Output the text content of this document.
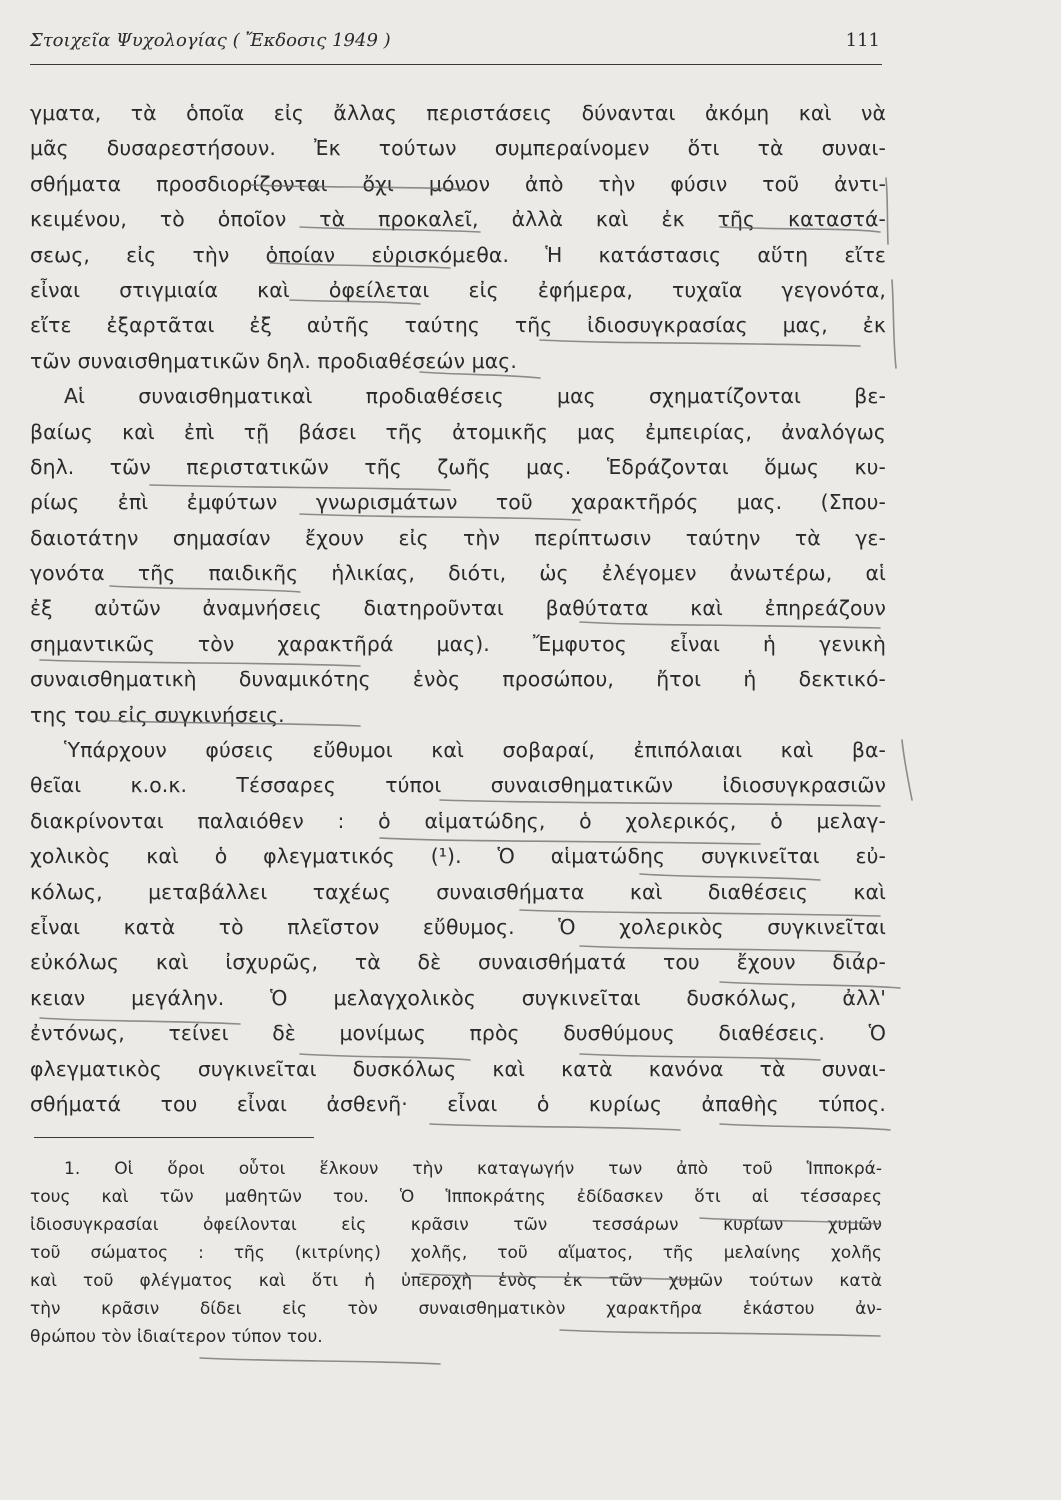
Στοιχεῖα Ψυχολογίας ( Ἔκδοσις 1949 )	111
γματα, τὰ ὁποῖα εἰς ἄλλας περιστάσεις δύνανται ἀκόμη καὶ νὰ
μᾶς δυσαρεστήσουν. Ἐκ τούτων συμπεραίνομεν ὅτι τὰ συναι-
σθήματα προσδιορίζονται ὄχι μόνον ἀπὸ τὴν φύσιν τοῦ ἀντι-
κειμένου, τὸ ὁποῖον τὰ προκαλεῖ, ἀλλὰ καὶ ἐκ τῆς καταστά-
σεως, εἰς τὴν ὁποίαν εὑρισκόμεθα. Ἡ κατάστασις αὕτη εἴτε
εἶναι στιγμιαία καὶ ὀφείλεται εἰς ἐφήμερα, τυχαῖα γεγονότα,
εἴτε ἐξαρτᾶται ἐξ αὐτῆς ταύτης τῆς ἰδιοσυγκρασίας μας, ἐκ
τῶν συναισθηματικῶν δηλ. προδιαθέσεών μας.
Αἱ συναισθηματικαὶ προδιαθέσεις μας σχηματίζονται βε-
βαίως καὶ ἐπὶ τῇ βάσει τῆς ἀτομικῆς μας ἐμπειρίας, ἀναλόγως
δηλ. τῶν περιστατικῶν τῆς ζωῆς μας. Ἑδράζονται ὅμως κυ-
ρίως ἐπὶ ἐμφύτων γνωρισμάτων τοῦ χαρακτῆρός μας. (Σπου-
δαιοτάτην σημασίαν ἔχουν εἰς τὴν περίπτωσιν ταύτην τὰ γε-
γονότα τῆς παιδικῆς ἡλικίας, διότι, ὡς ἐλέγομεν ἀνωτέρω, αἱ
ἐξ αὐτῶν ἀναμνήσεις διατηροῦνται βαθύτατα καὶ ἐπηρεάζουν
σημαντικῶς τὸν χαρακτῆρά μας). Ἔμφυτος εἶναι ἡ γενικὴ
συναισθηματικὴ δυναμικότης ἑνὸς προσώπου, ἤτοι ἡ δεκτικό-
της του εἰς συγκινήσεις.
Ὑπάρχουν φύσεις εὔθυμοι καὶ σοβαραί, ἐπιπόλαιαι καὶ βα-
θεῖαι κ.ο.κ. Τέσσαρες τύποι συναισθηματικῶν ἰδιοσυγκρασιῶν
διακρίνονται παλαιόθεν : ὁ αἱματώδης, ὁ χολερικός, ὁ μελαγ-
χολικὸς καὶ ὁ φλεγματικός (¹). Ὁ αἱματώδης συγκινεῖται εὐ-
κόλως, μεταβάλλει ταχέως συναισθήματα καὶ διαθέσεις καὶ
εἶναι κατὰ τὸ πλεῖστον εὔθυμος. Ὁ χολερικὸς συγκινεῖται
εὐκόλως καὶ ἰσχυρῶς, τὰ δὲ συναισθήματά του ἔχουν διάρ-
κειαν μεγάλην. Ὁ μελαγχολικὸς συγκινεῖται δυσκόλως, ἀλλ'
ἐντόνως, τείνει δὲ μονίμως πρὸς δυσθύμους διαθέσεις. Ὁ
φλεγματικὸς συγκινεῖται δυσκόλως καὶ κατὰ κανόνα τὰ συναι-
σθήματά του εἶναι ἀσθενῆ· εἶναι ὁ κυρίως ἀπαθὴς τύπος.
1. Οἱ ὅροι οὗτοι ἕλκουν τὴν καταγωγήν των ἀπὸ τοῦ Ἱπποκρά-
τους καὶ τῶν μαθητῶν του. Ὁ Ἱπποκράτης ἐδίδασκεν ὅτι αἱ τέσσαρες
ἰδιοσυγκρασίαι ὀφείλονται εἰς κρᾶσιν τῶν τεσσάρων κυρίων χυμῶν
τοῦ σώματος : τῆς (κιτρίνης) χολῆς, τοῦ αἵματος, τῆς μελαίνης χολῆς
καὶ τοῦ φλέγματος καὶ ὅτι ἡ ὑπεροχὴ ἑνὸς ἐκ τῶν χυμῶν τούτων κατὰ
τὴν κρᾶσιν δίδει εἰς τὸν συναισθηματικὸν χαρακτῆρα ἑκάστου ἀν-
θρώπου τὸν ἰδιαίτερον τύπον του.
